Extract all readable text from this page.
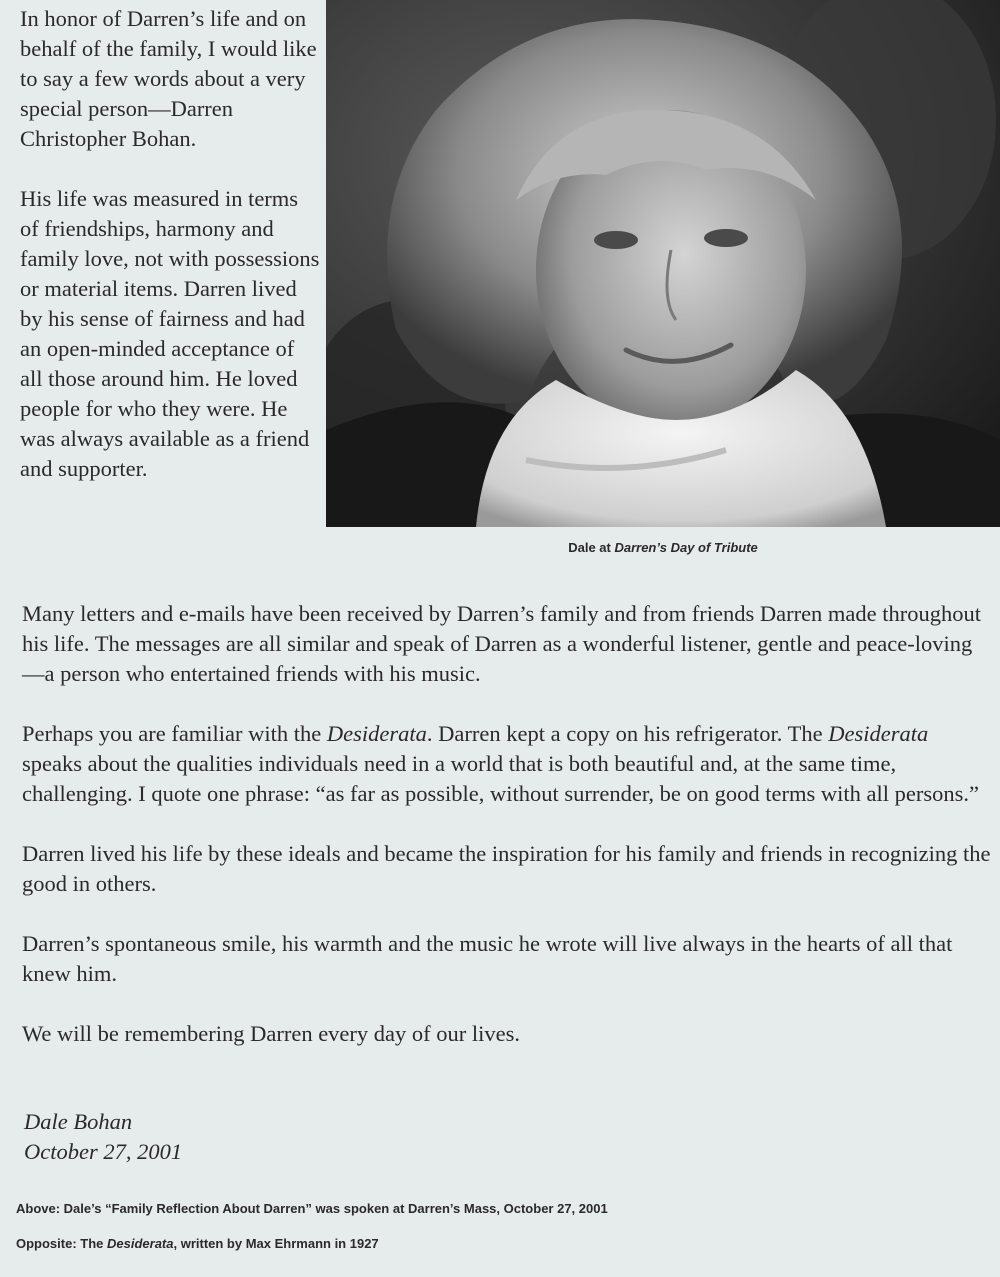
In honor of Darren’s life and on behalf of the family, I would like to say a few words about a very special person—Darren Christopher Bohan.

His life was measured in terms of friendships, harmony and family love, not with possessions or material items. Darren lived by his sense of fairness and had an open-minded acceptance of all those around him. He loved people for who they were. He was always available as a friend and supporter.

Dale at Darren’s Day of Tribute

Many letters and e-mails have been received by Darren’s family and from friends Darren made throughout his life. The messages are all similar and speak of Darren as a wonderful listener, gentle and peace-loving—a person who entertained friends with his music.

Perhaps you are familiar with the Desiderata. Darren kept a copy on his refrigerator. The Desiderata speaks about the qualities individuals need in a world that is both beautiful and, at the same time, challenging. I quote one phrase: “as far as possible, without surrender, be on good terms with all persons.”

Darren lived his life by these ideals and became the inspiration for his family and friends in recognizing the good in others.

Darren’s spontaneous smile, his warmth and the music he wrote will live always in the hearts of all that knew him.

We will be remembering Darren every day of our lives.

Dale Bohan
October 27, 2001
Above: Dale’s “Family Reflection About Darren” was spoken at Darren’s Mass, October 27, 2001
Opposite: The Desiderata, written by Max Ehrmann in 1927
